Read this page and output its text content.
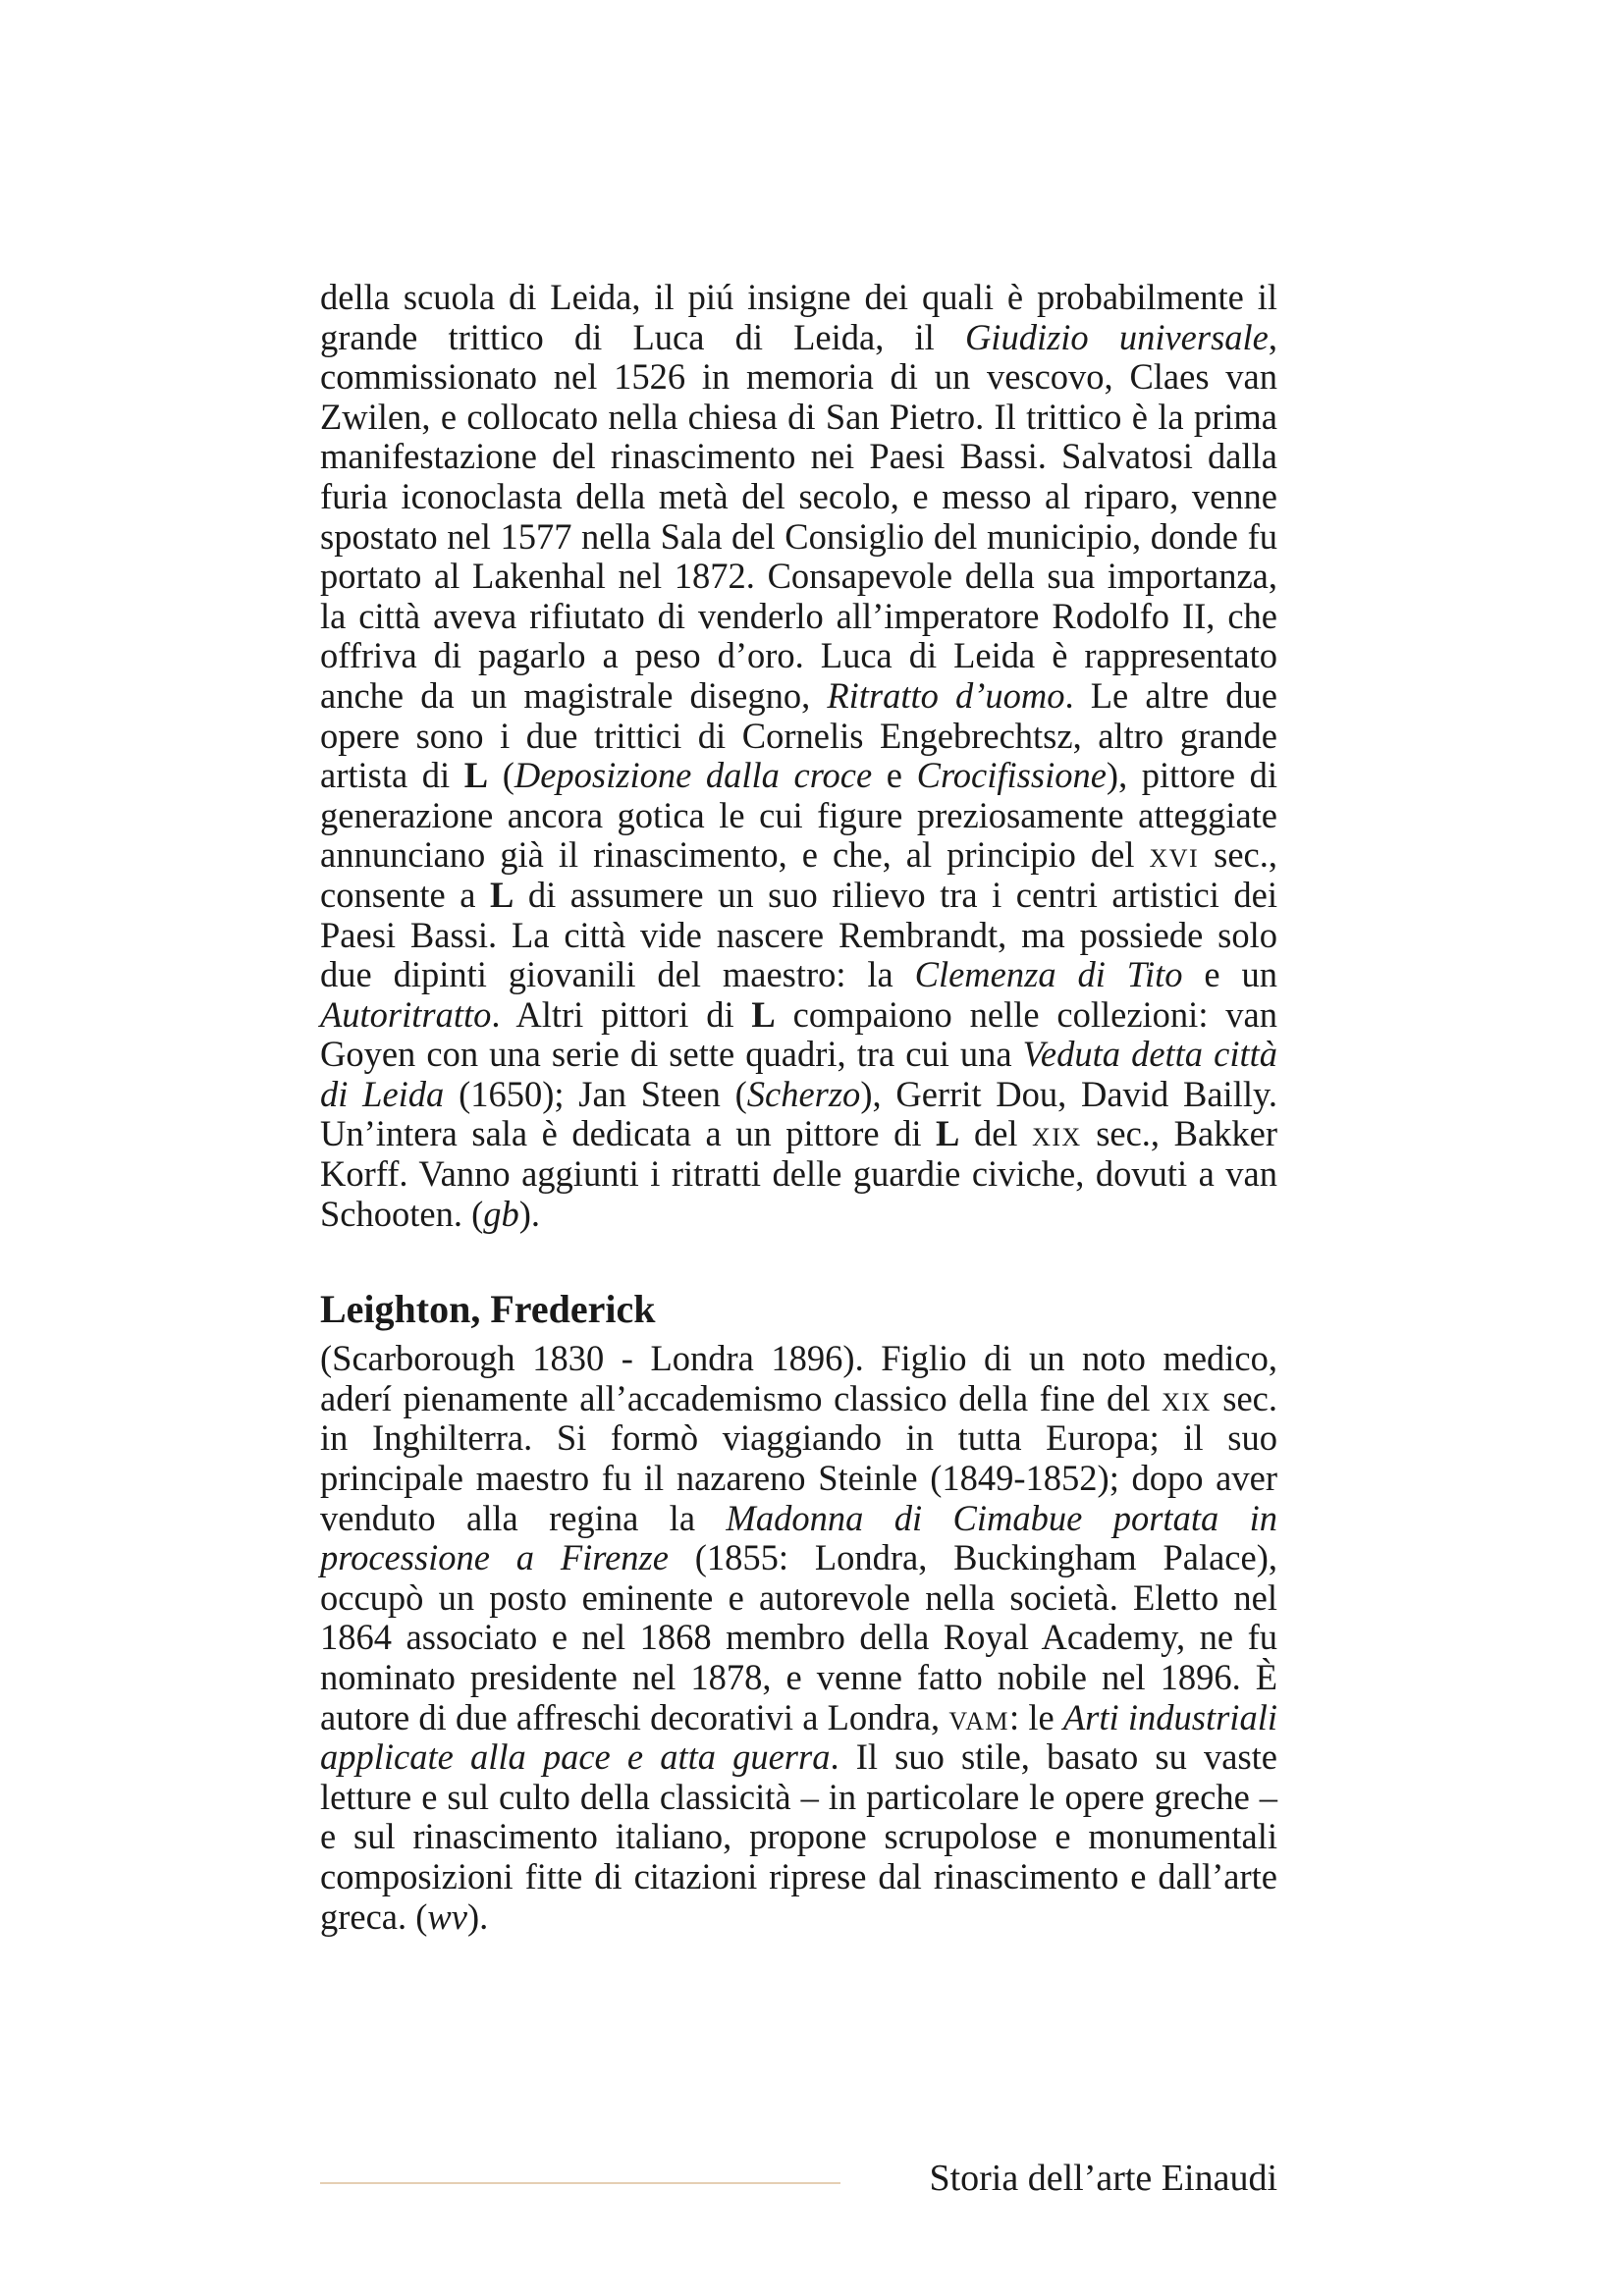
della scuola di Leida, il piú insigne dei quali è probabilmente il grande trittico di Luca di Leida, il Giudizio universale, commissionato nel 1526 in memoria di un vescovo, Claes van Zwilen, e collocato nella chiesa di San Pietro. Il trittico è la prima manifestazione del rinascimento nei Paesi Bassi. Salvatosi dalla furia iconoclasta della metà del secolo, e messo al riparo, venne spostato nel 1577 nella Sala del Consiglio del municipio, donde fu portato al Lakenhal nel 1872. Consapevole della sua importanza, la città aveva rifiutato di venderlo all’imperatore Rodolfo II, che offriva di pagarlo a peso d’oro. Luca di Leida è rappresentato anche da un magistrale disegno, Ritratto d’uomo. Le altre due opere sono i due trittici di Cornelis Engebrechtsz, altro grande artista di L (Deposizione dalla croce e Crocifissione), pittore di generazione ancora gotica le cui figure preziosamente atteggiate annunciano già il rinascimento, e che, al principio del xvi sec., consente a L di assumere un suo rilievo tra i centri artistici dei Paesi Bassi. La città vide nascere Rembrandt, ma possiede solo due dipinti giovanili del maestro: la Clemenza di Tito e un Autoritratto. Altri pittori di L compaiono nelle collezioni: van Goyen con una serie di sette quadri, tra cui una Veduta detta città di Leida (1650); Jan Steen (Scherzo), Gerrit Dou, David Bailly. Un’intera sala è dedicata a un pittore di L del xix sec., Bakker Korff. Vanno aggiunti i ritratti delle guardie civiche, dovuti a van Schooten. (gb).

Leighton, Frederick

(Scarborough 1830 - Londra 1896). Figlio di un noto medico, aderí pienamente all’accademismo classico della fine del xix sec. in Inghilterra. Si formò viaggiando in tutta Europa; il suo principale maestro fu il nazareno Steinle (1849-1852); dopo aver venduto alla regina la Madonna di Cimabue portata in processione a Firenze (1855: Londra, Buckingham Palace), occupò un posto eminente e autorevole nella società. Eletto nel 1864 associato e nel 1868 membro della Royal Academy, ne fu nominato presidente nel 1878, e venne fatto nobile nel 1896. È autore di due affreschi decorativi a Londra, vam: le Arti industriali applicate alla pace e atta guerra. Il suo stile, basato su vaste letture e sul culto della classicità – in particolare le opere greche – e sul rinascimento italiano, propone scrupolose e monumentali composizioni fitte di citazioni riprese dal rinascimento e dall’arte greca. (wv).

Storia dell’arte Einaudi
